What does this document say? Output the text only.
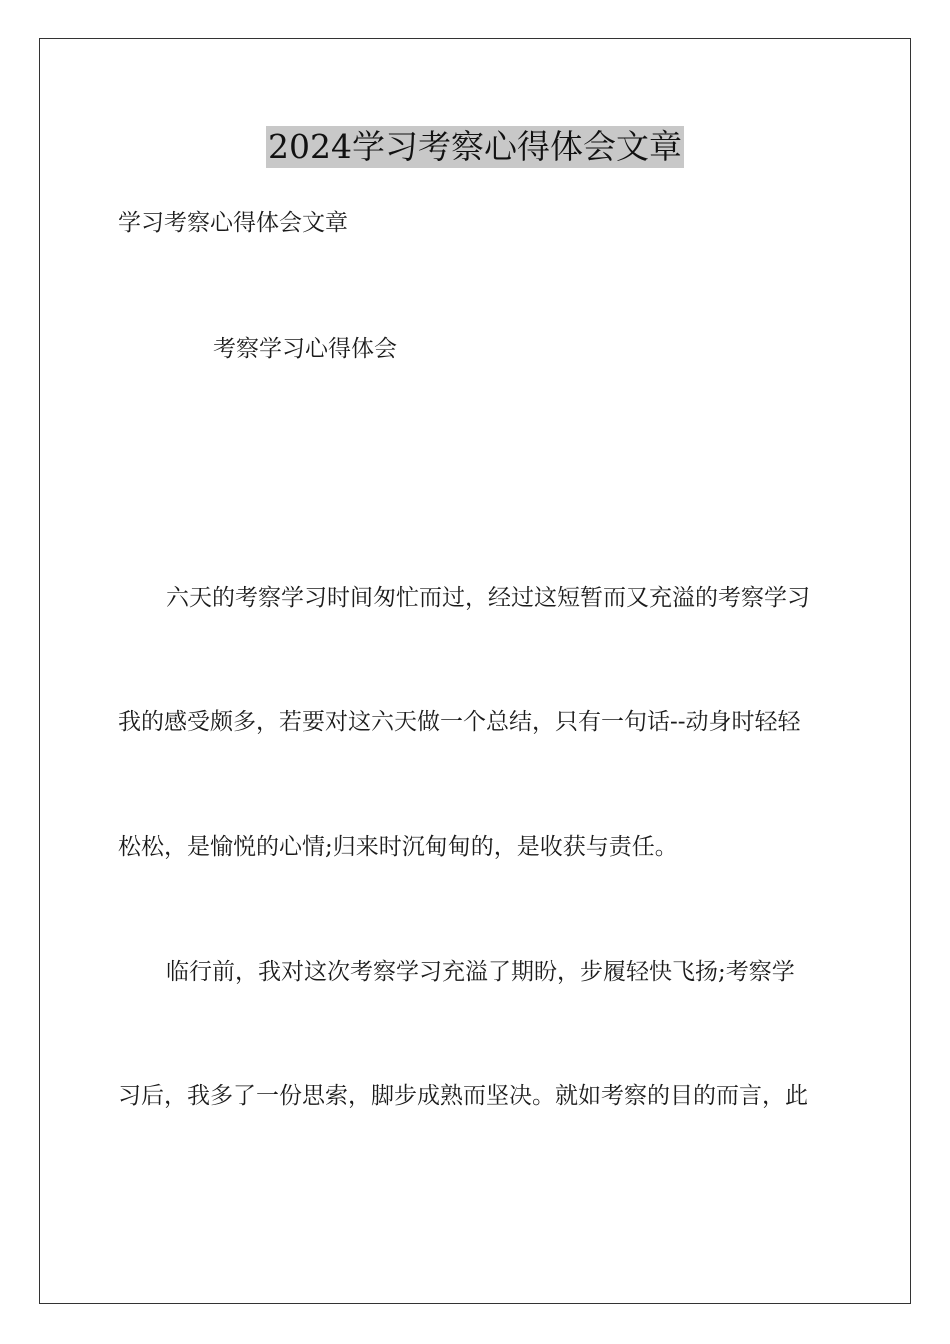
2024学习考察心得体会文章
学习考察心得体会文章
考察学习心得体会
六天的考察学习时间匆忙而过，经过这短暂而又充溢的考察学习
我的感受颇多，若要对这六天做一个总结，只有一句话--动身时轻轻
松松，是愉悦的心情;归来时沉甸甸的，是收获与责任。
临行前，我对这次考察学习充溢了期盼，步履轻快飞扬;考察学
习后，我多了一份思索，脚步成熟而坚决。就如考察的目的而言，此
